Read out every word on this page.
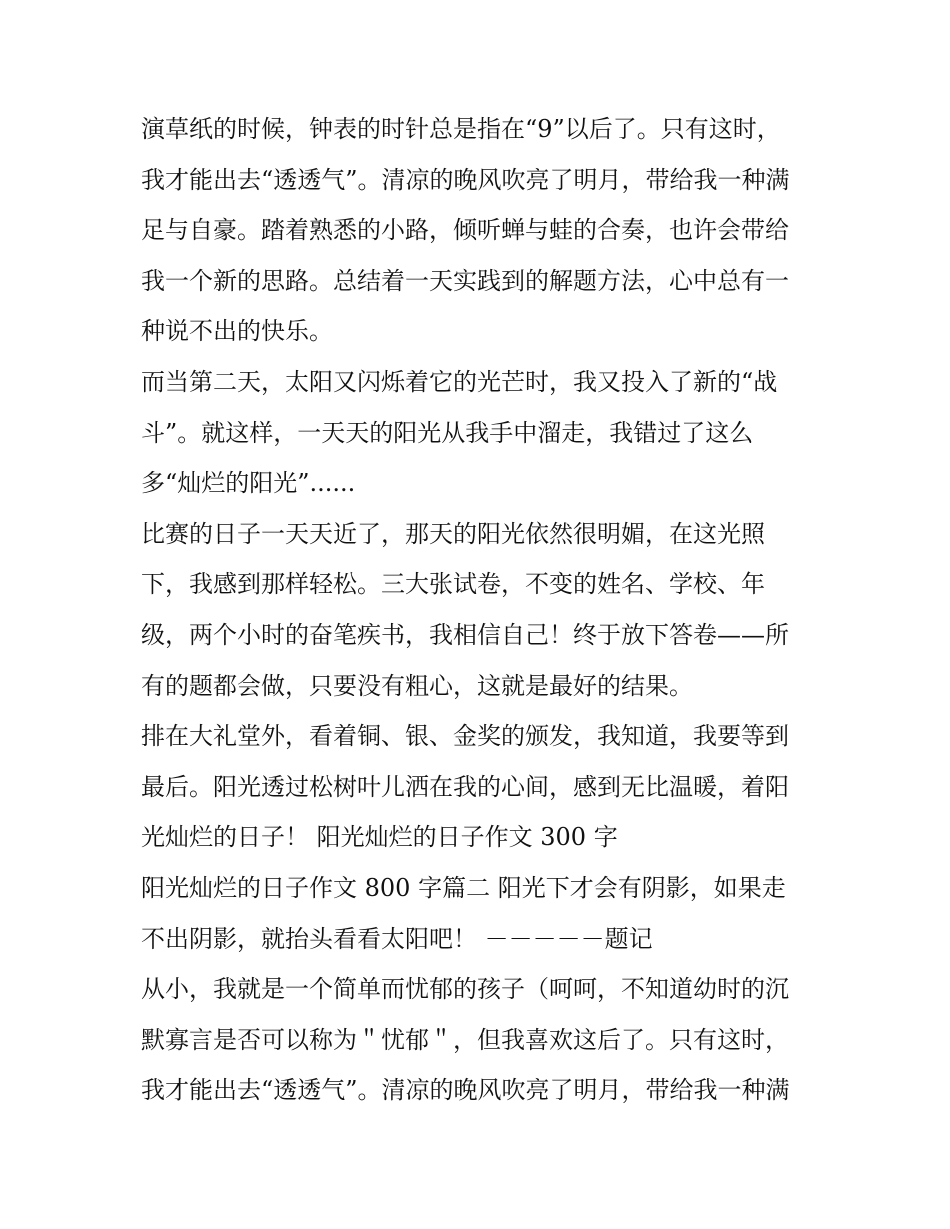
演草纸的时候，钟表的时针总是指在“9”以后了。只有这时，
我才能出去“透透气”。清凉的晚风吹亮了明月，带给我一种满
足与自豪。踏着熟悉的小路，倾听蝉与蛙的合奏，也许会带给
我一个新的思路。总结着一天实践到的解题方法，心中总有一
种说不出的快乐。
而当第二天，太阳又闪烁着它的光芒时，我又投入了新的“战
斗”。就这样，一天天的阳光从我手中溜走，我错过了这么
多“灿烂的阳光”......
比赛的日子一天天近了，那天的阳光依然很明媚，在这光照
下，我感到那样轻松。三大张试卷，不变的姓名、学校、年
级，两个小时的奋笔疾书，我相信自己！终于放下答卷——所
有的题都会做，只要没有粗心，这就是最好的结果。
排在大礼堂外，看着铜、银、金奖的颁发，我知道，我要等到
最后。阳光透过松树叶儿洒在我的心间，感到无比温暖，着阳
光灿烂的日子！ 阳光灿烂的日子作文 300 字
阳光灿烂的日子作文 800 字篇二 阳光下才会有阴影，如果走
不出阴影，就抬头看看太阳吧！ －－－－－题记
从小，我就是一个简单而忧郁的孩子（呵呵，不知道幼时的沉
默寡言是否可以称为＂忧郁＂，但我喜欢这后了。只有这时，
我才能出去“透透气”。清凉的晚风吹亮了明月，带给我一种满
